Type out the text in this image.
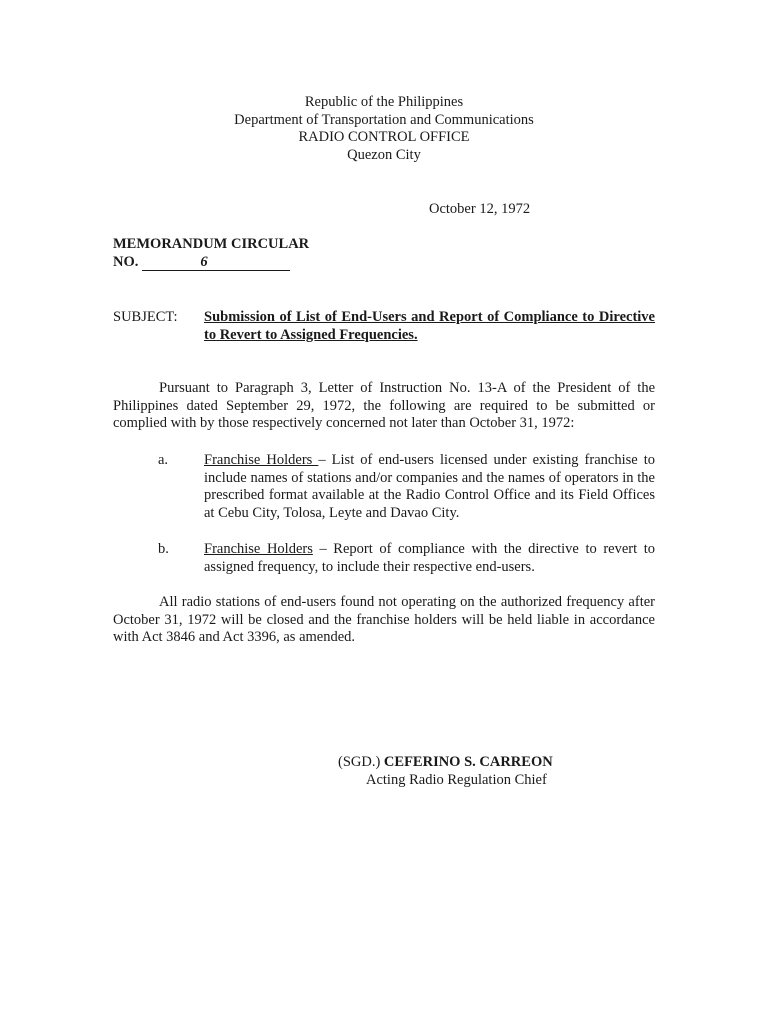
Republic of the Philippines
Department of Transportation and Communications
RADIO CONTROL OFFICE
Quezon City
October 12, 1972
MEMORANDUM CIRCULAR
NO.	6
SUBJECT: Submission of List of End-Users and Report of Compliance to Directive to Revert to Assigned Frequencies.
Pursuant to Paragraph 3, Letter of Instruction No. 13-A of the President of the Philippines dated September 29, 1972, the following are required to be submitted or complied with by those respectively concerned not later than October 31, 1972:
a. Franchise Holders – List of end-users licensed under existing franchise to include names of stations and/or companies and the names of operators in the prescribed format available at the Radio Control Office and its Field Offices at Cebu City, Tolosa, Leyte and Davao City.
b. Franchise Holders – Report of compliance with the directive to revert to assigned frequency, to include their respective end-users.
All radio stations of end-users found not operating on the authorized frequency after October 31, 1972 will be closed and the franchise holders will be held liable in accordance with Act 3846 and Act 3396, as amended.
(SGD.) CEFERINO S. CARREON
Acting Radio Regulation Chief
